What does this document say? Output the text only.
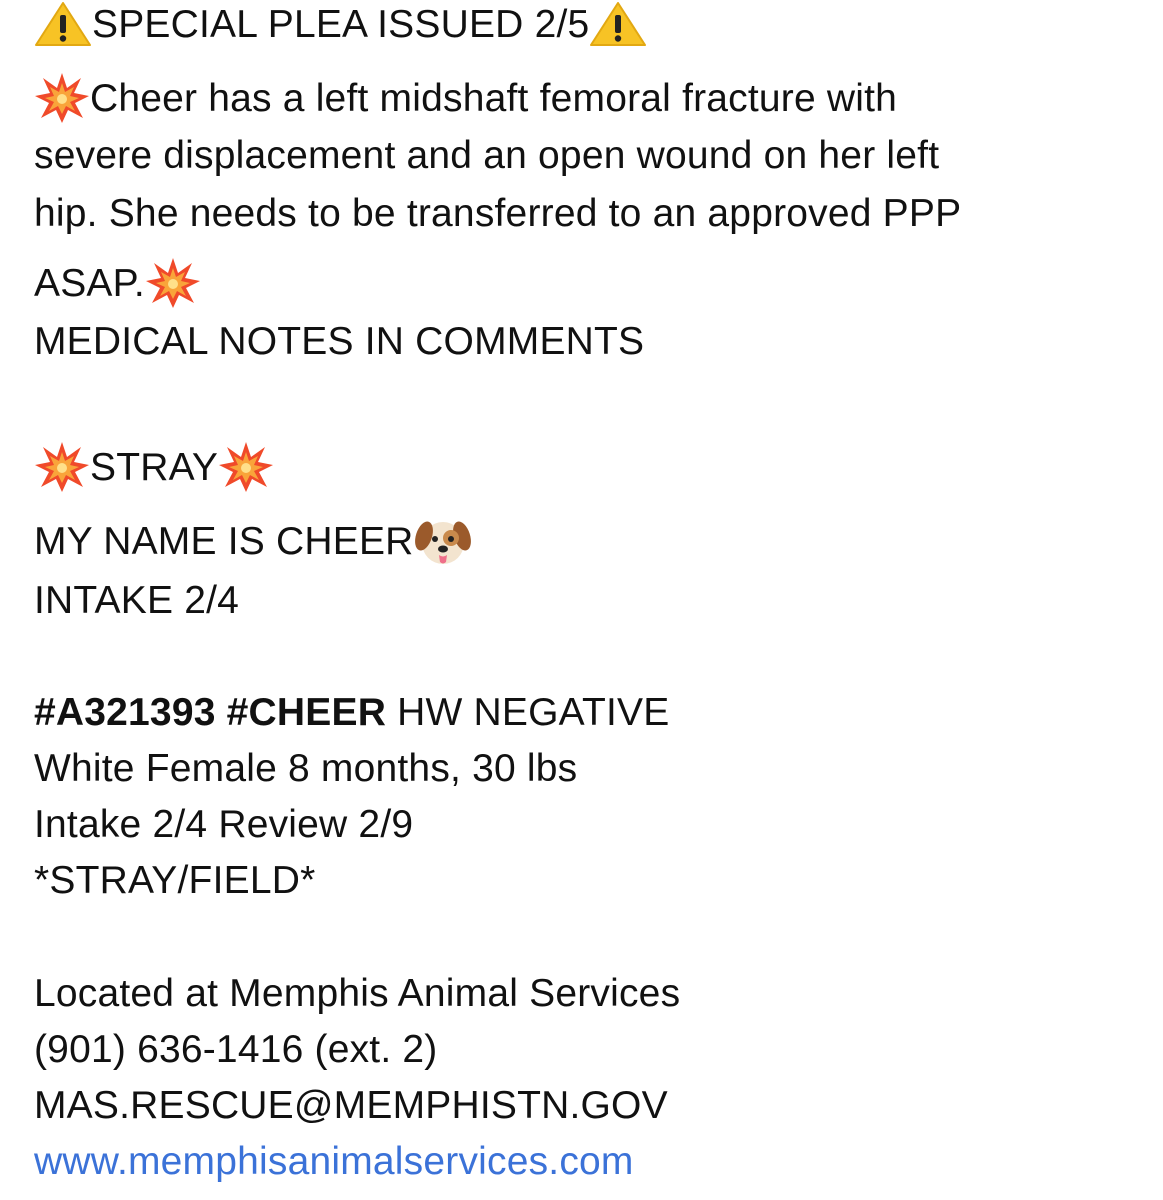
SPECIAL PLEA ISSUED 2/5
Cheer has a left midshaft femoral fracture with
severe displacement and an open wound on her left
hip. She needs to be transferred to an approved PPP
ASAP.
MEDICAL NOTES IN COMMENTS
STRAY
MY NAME IS CHEER
INTAKE 2/4
#A321393 #CHEER HW NEGATIVE
White Female 8 months, 30 lbs
Intake 2/4 Review 2/9
*STRAY/FIELD*
Located at Memphis Animal Services
(901) 636-1416 (ext. 2)
MAS.RESCUE@MEMPHISTN.GOV
www.memphisanimalservices.com
